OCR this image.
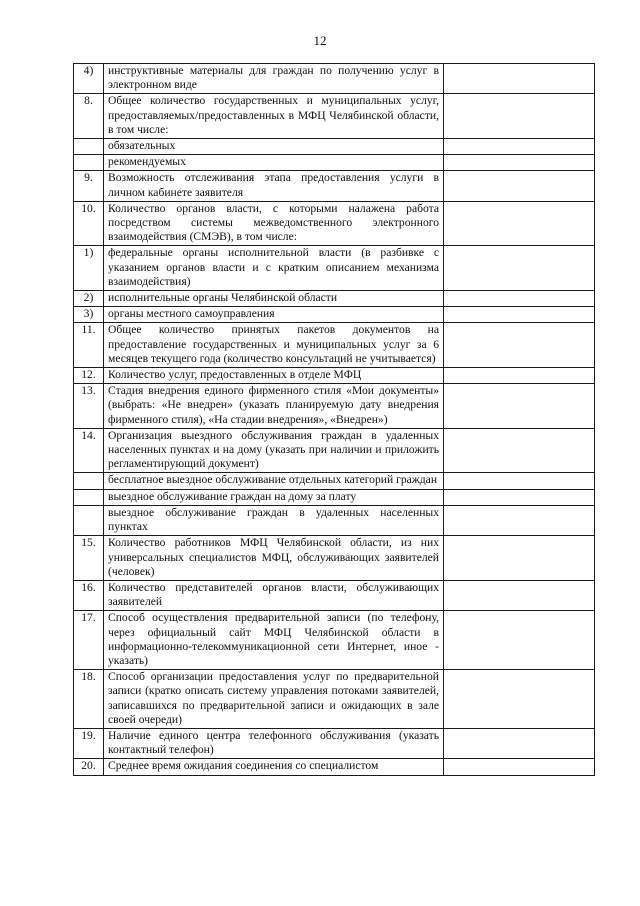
12
4)	инструктивные материалы для граждан по получению услуг в электронном виде	
8.	Общее количество государственных и муниципальных услуг, предоставляемых/предоставленных в МФЦ Челябинской области, в том числе:	
	обязательных	
	рекомендуемых	
9.	Возможность отслеживания этапа предоставления услуги в личном кабинете заявителя	
10.	Количество органов власти, с которыми налажена работа посредством системы межведомственного электронного взаимодействия (СМЭВ), в том числе:	
1)	федеральные органы исполнительной власти (в разбивке с указанием органов власти и с кратким описанием механизма взаимодействия)	
2)	исполнительные органы Челябинской области	
3)	органы местного самоуправления	
11.	Общее количество принятых пакетов документов на предоставление государственных и муниципальных услуг за 6 месяцев текущего года (количество консультаций не учитывается)	
12.	Количество услуг, предоставленных в отделе МФЦ	
13.	Стадия внедрения единого фирменного стиля «Мои документы» (выбрать: «Не внедрен» (указать планируемую дату внедрения фирменного стиля), «На стадии внедрения», «Внедрен»)	
14.	Организация выездного обслуживания граждан в удаленных населенных пунктах и на дому (указать при наличии и приложить регламентирующий документ)	
	бесплатное выездное обслуживание отдельных категорий граждан	
	выездное обслуживание граждан на дому за плату	
	выездное обслуживание граждан в удаленных населенных пунктах	
15.	Количество работников МФЦ Челябинской области, из них универсальных специалистов МФЦ, обслуживающих заявителей (человек)	
16.	Количество представителей органов власти, обслуживающих заявителей	
17.	Способ осуществления предварительной записи (по телефону, через официальный сайт МФЦ Челябинской области в информационно-телекоммуникационной сети Интернет, иное - указать)	
18.	Способ организации предоставления услуг по предварительной записи (кратко описать систему управления потоками заявителей, записавшихся по предварительной записи и ожидающих в зале своей очереди)	
19.	Наличие единого центра телефонного обслуживания (указать контактный телефон)	
20.	Среднее время ожидания соединения со специалистом	
